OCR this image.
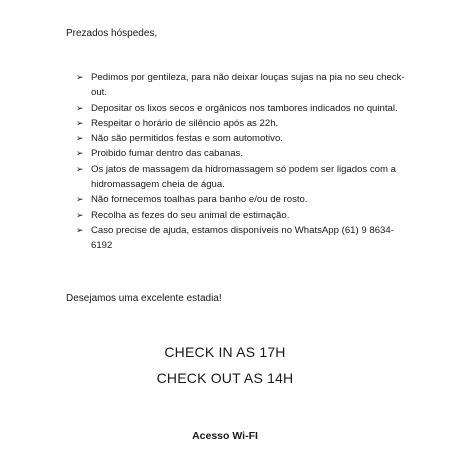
Prezados hóspedes,
➢ Pedimos por gentileza, para não deixar louças sujas na pia no seu check-out.
➢ Depositar os lixos secos e orgânicos nos tambores indicados no quintal.
➢ Respeitar o horário de silêncio após as 22h.
➢ Não são permitidos festas e som automotivo.
➢ Proibido fumar dentro das cabanas.
➢ Os jatos de massagem da hidromassagem só podem ser ligados com a hidromassagem cheia de água.
➢ Não fornecemos toalhas para banho e/ou de rosto.
➢ Recolha as fezes do seu animal de estimação.
➢ Caso precise de ajuda, estamos disponíveis no WhatsApp (61) 9 8634-6192
Desejamos uma excelente estadia!
CHECK IN AS 17H
CHECK OUT AS 14H
Acesso Wi-FI
